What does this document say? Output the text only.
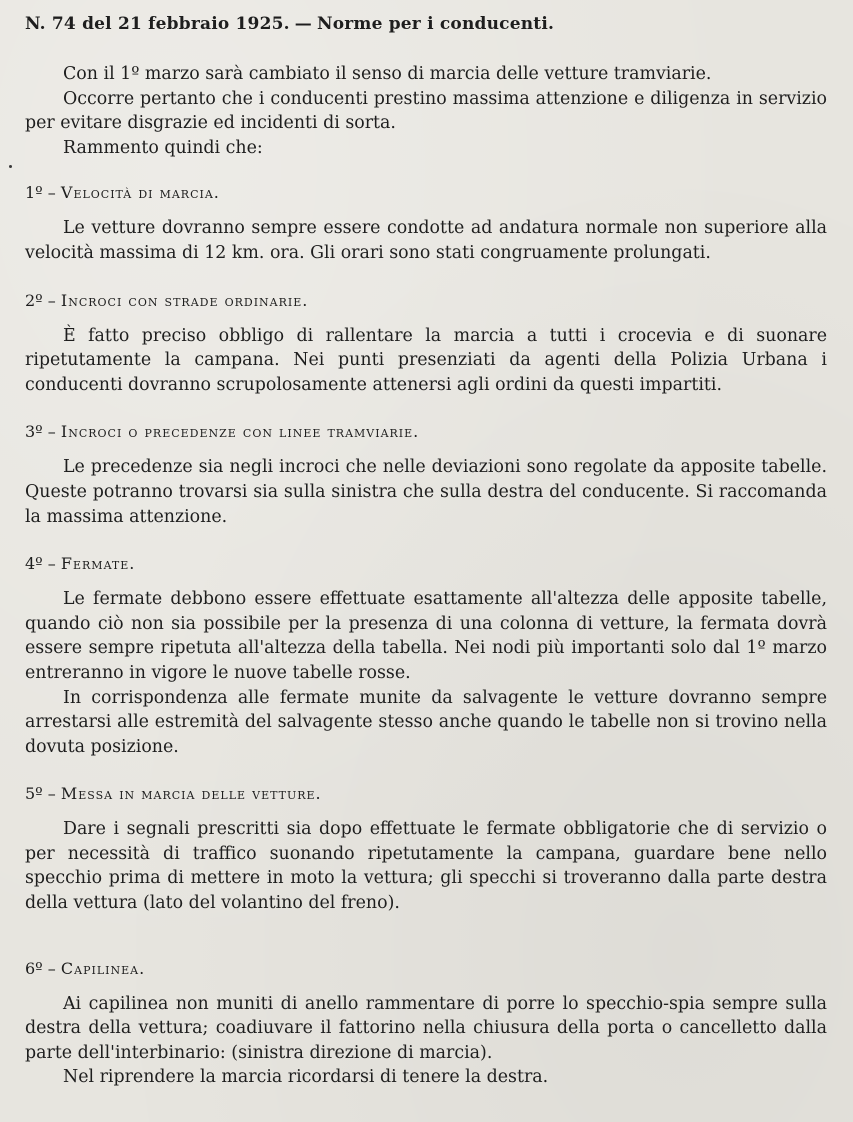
N. 74 del 21 febbraio 1925. — Norme per i conducenti.

Con il 1º marzo sarà cambiato il senso di marcia delle vetture tramviarie.

Occorre pertanto che i conducenti prestino massima attenzione e diligenza in servizio per evitare disgrazie ed incidenti di sorta.

Rammento quindi che:

1º – Velocità di marcia.

Le vetture dovranno sempre essere condotte ad andatura normale non superiore alla velocità massima di 12 km. ora. Gli orari sono stati congruamente prolungati.

2º – Incroci con strade ordinarie.

È fatto preciso obbligo di rallentare la marcia a tutti i crocevia e di suonare ripetutamente la campana. Nei punti presenziati da agenti della Polizia Urbana i conducenti dovranno scrupolosamente attenersi agli ordini da questi impartiti.

3º – Incroci o precedenze con linee tramviarie.

Le precedenze sia negli incroci che nelle deviazioni sono regolate da apposite tabelle. Queste potranno trovarsi sia sulla sinistra che sulla destra del conducente. Si raccomanda la massima attenzione.

4º – Fermate.

Le fermate debbono essere effettuate esattamente all'altezza delle apposite tabelle, quando ciò non sia possibile per la presenza di una colonna di vetture, la fermata dovrà essere sempre ripetuta all'altezza della tabella. Nei nodi più importanti solo dal 1º marzo entreranno in vigore le nuove tabelle rosse.

In corrispondenza alle fermate munite da salvagente le vetture dovranno sempre arrestarsi alle estremità del salvagente stesso anche quando le tabelle non si trovino nella dovuta posizione.

5º – Messa in marcia delle vetture.

Dare i segnali prescritti sia dopo effettuate le fermate obbligatorie che di servizio o per necessità di traffico suonando ripetutamente la campana, guardare bene nello specchio prima di mettere in moto la vettura; gli specchi si troveranno dalla parte destra della vettura (lato del volantino del freno).

6º – Capilinea.

Ai capilinea non muniti di anello rammentare di porre lo specchio-spia sempre sulla destra della vettura; coadiuvare il fattorino nella chiusura della porta o cancelletto dalla parte dell'interbinario: (sinistra direzione di marcia).

Nel riprendere la marcia ricordarsi di tenere la destra.
